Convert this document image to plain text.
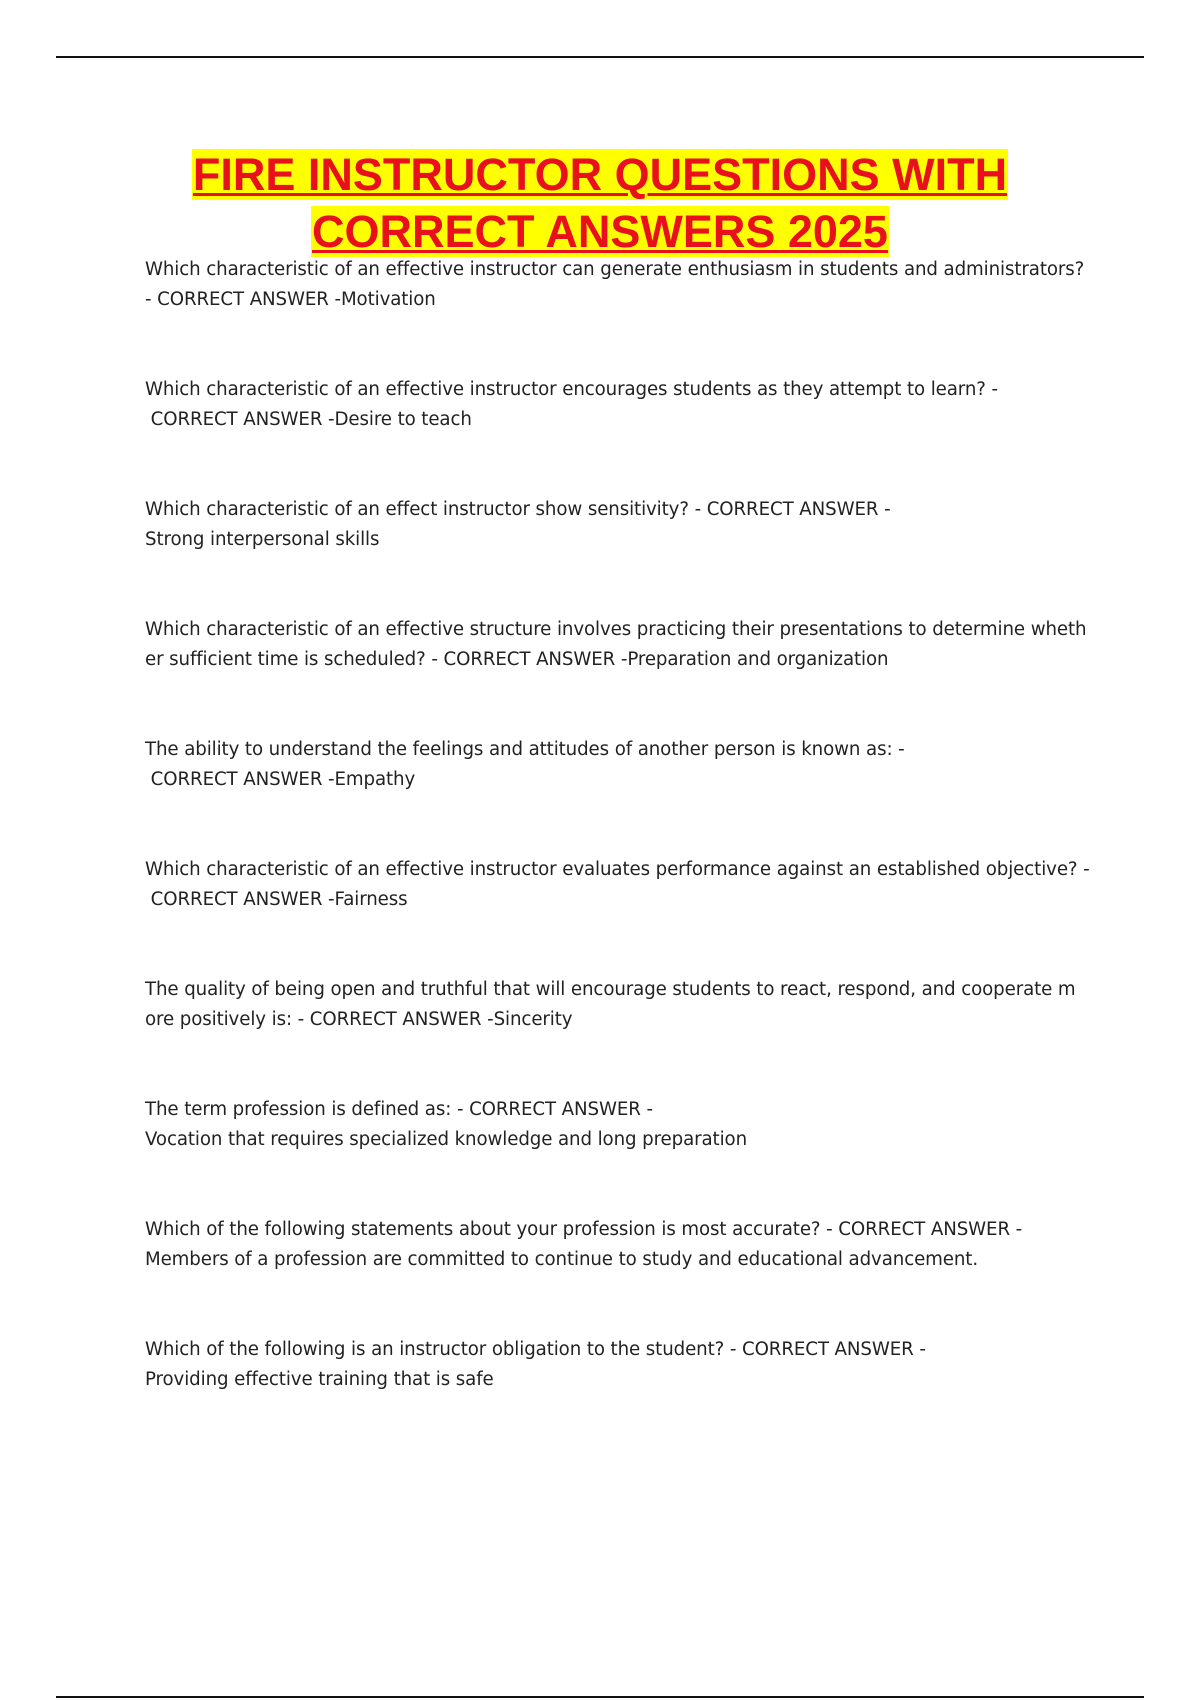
FIRE INSTRUCTOR QUESTIONS WITH
CORRECT ANSWERS 2025
Which characteristic of an effective instructor can generate enthusiasm in students and administrators?
- CORRECT ANSWER -Motivation
Which characteristic of an effective instructor encourages students as they attempt to learn? -
CORRECT ANSWER -Desire to teach
Which characteristic of an effect instructor show sensitivity? - CORRECT ANSWER -
Strong interpersonal skills
Which characteristic of an effective structure involves practicing their presentations to determine wheth
er sufficient time is scheduled? - CORRECT ANSWER -Preparation and organization
The ability to understand the feelings and attitudes of another person is known as: -
CORRECT ANSWER -Empathy
Which characteristic of an effective instructor evaluates performance against an established objective? -
CORRECT ANSWER -Fairness
The quality of being open and truthful that will encourage students to react, respond, and cooperate m
ore positively is: - CORRECT ANSWER -Sincerity
The term profession is defined as: - CORRECT ANSWER -
Vocation that requires specialized knowledge and long preparation
Which of the following statements about your profession is most accurate? - CORRECT ANSWER -
Members of a profession are committed to continue to study and educational advancement.
Which of the following is an instructor obligation to the student? - CORRECT ANSWER -
Providing effective training that is safe
